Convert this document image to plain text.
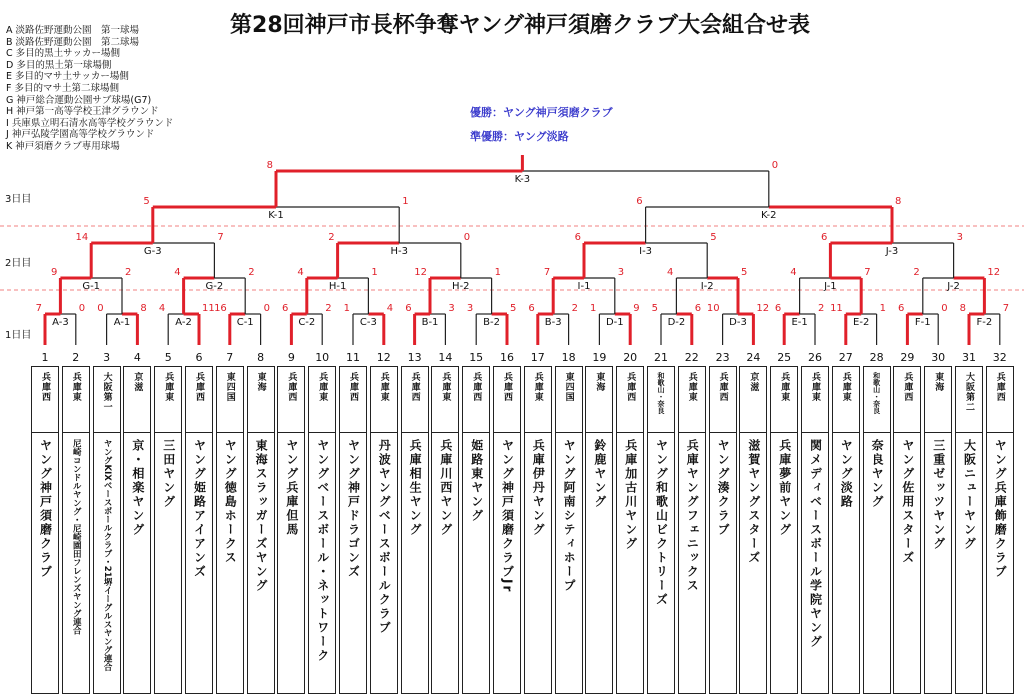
第28回神戸市長杯争奪ヤング神戸須磨クラブ大会組合せ表
A 淡路佐野運動公園　第一球場
B 淡路佐野運動公園　第二球場
C 多目的黒土サッカー場側
D 多目的黒土第一球場側
E 多目的マサ土サッカー場側
F 多目的マサ土第二球場側
G 神戸総合運動公園サブ球場(G7)
H 神戸第一高等学校王津グラウンド
I 兵庫県立明石清水高等学校グラウンド
J 神戸弘陵学園高等学校グラウンド
K 神戸須磨クラブ専用球場
優勝：ヤング神戸須磨クラブ
準優勝：ヤング淡路
3日目
2日目
1日目
7	0
A-3
0	8
A-1
4	11
A-2
16	0
C-1
6	2
C-2
1	4
C-3
6	3
B-1
3	5
B-2
6	2
B-3
1	9
D-1
5	6
D-2
10	12
D-3
6	2
E-1
11	1
E-2
6	0
F-1
8	7
F-2
9	2
G-1
4	2
G-2
4	1
H-1
12	1
H-2
7	3
I-1
4	5
I-2
4	7
J-1
2	12
J-2
14	7
G-3
2	0
H-3
6	5
I-3
6	3
J-3
5	1
K-1
6	8
K-2
8	0
K-3
1 2 3 4 5 6 7 8 9 10 11 12 13 14 15 16 17 18 19 20 21 22 23 24 25 26 27 28 29 30 31 32
兵庫西
ヤング神戸須磨クラブ
兵庫東
尼崎コンドルヤング・尼崎園田フレンズヤング連合
大阪第一
ヤングKIXベースボールクラブ・21堺イーグルスヤング連合
京滋
京・相楽ヤング
兵庫東
三田ヤング
兵庫西
ヤング姫路アイアンズ
東四国
ヤング徳島ホークス
東海
東海スラッガーズヤング
兵庫西
ヤング兵庫但馬
兵庫東
ヤングベースボール・ネットワーク
兵庫西
ヤング神戸ドラゴンズ
兵庫東
丹波ヤングベースボールクラブ
兵庫西
兵庫相生ヤング
兵庫東
兵庫川西ヤング
兵庫西
姫路東ヤング
兵庫西
ヤング神戸須磨クラブJr
兵庫東
兵庫伊丹ヤング
東四国
ヤング阿南シティホープ
東海
鈴鹿ヤング
兵庫西
兵庫加古川ヤング
和歌山・奈良
ヤング和歌山ビクトリーズ
兵庫東
兵庫ヤングフェニックス
兵庫西
ヤング湊クラブ
京滋
滋賀ヤングスターズ
兵庫東
兵庫夢前ヤング
兵庫東
関メディベースボール学院ヤング
兵庫東
ヤング淡路
和歌山・奈良
奈良ヤング
兵庫西
ヤング佐用スターズ
東海
三重ゼッツヤング
大阪第二
大阪ニューヤング
兵庫西
ヤング兵庫飾磨クラブ
